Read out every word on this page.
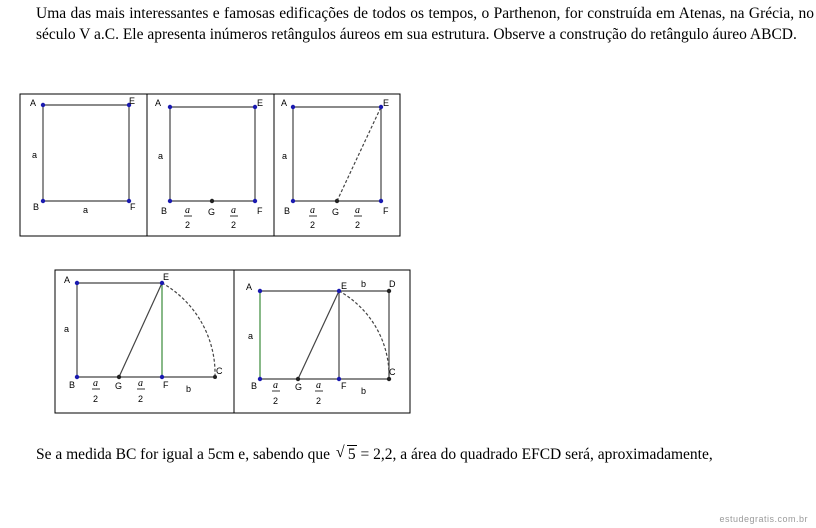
Uma das mais interessantes e famosas edificações de todos os tempos, o Parthenon, for construída em Atenas, na Grécia, no século V a.C. Ele apresenta inúmeros retângulos áureos em sua estrutura. Observe a construção do retângulo áureo ABCD.

A	E
B	F
a
a
A	E
B	F
G
a
a
2
a
2
A	E
B	F
G
a
a
2
a
2
A	E
B	F
G
C
a
b
a
2
a
2
A	E b	D
C
B	F
G
a
b
a
2
a
2

Se a medida BC for igual a 5cm e, sabendo que √ 5 = 2,2, a área do quadrado EFCD será, aproximadamente,

estudegratis.com.br
